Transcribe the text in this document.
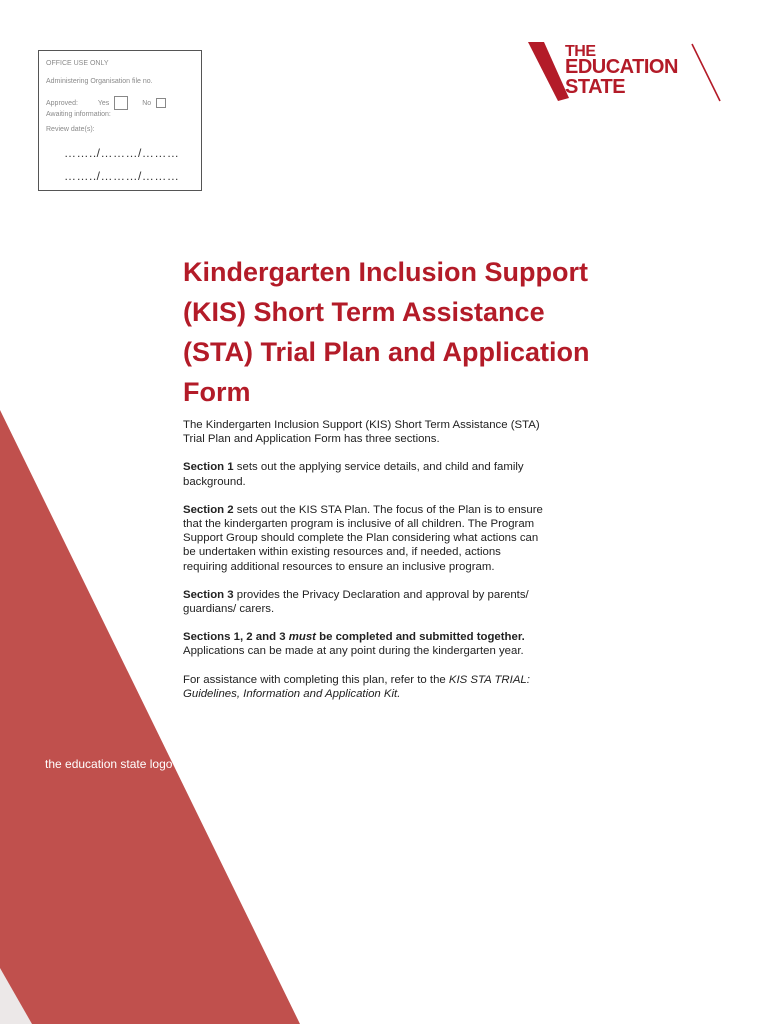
OFFICE USE ONLY
Administering Organisation file no.
Approved:	Yes	No
Awaiting information:
Review date(s):
……../………/………
……../………/………
THE
EDUCATION
STATE
Kindergarten Inclusion Support (KIS) Short Term Assistance (STA) Trial Plan and Application Form

The Kindergarten Inclusion Support (KIS) Short Term Assistance (STA) Trial Plan and Application Form has three sections.

Section 1 sets out the applying service details, and child and family background.

Section 2 sets out the KIS STA Plan. The focus of the Plan is to ensure that the kindergarten program is inclusive of all children. The Program Support Group should complete the Plan considering what actions can be undertaken within existing resources and, if needed, actions requiring additional resources to ensure an inclusive program.

Section 3 provides the Privacy Declaration and approval by parents/ guardians/ carers.

Sections 1, 2 and 3 must be completed and submitted together. Applications can be made at any point during the kindergarten year.

For assistance with completing this plan, refer to the KIS STA TRIAL: Guidelines, Information and Application Kit.

the education state logo
